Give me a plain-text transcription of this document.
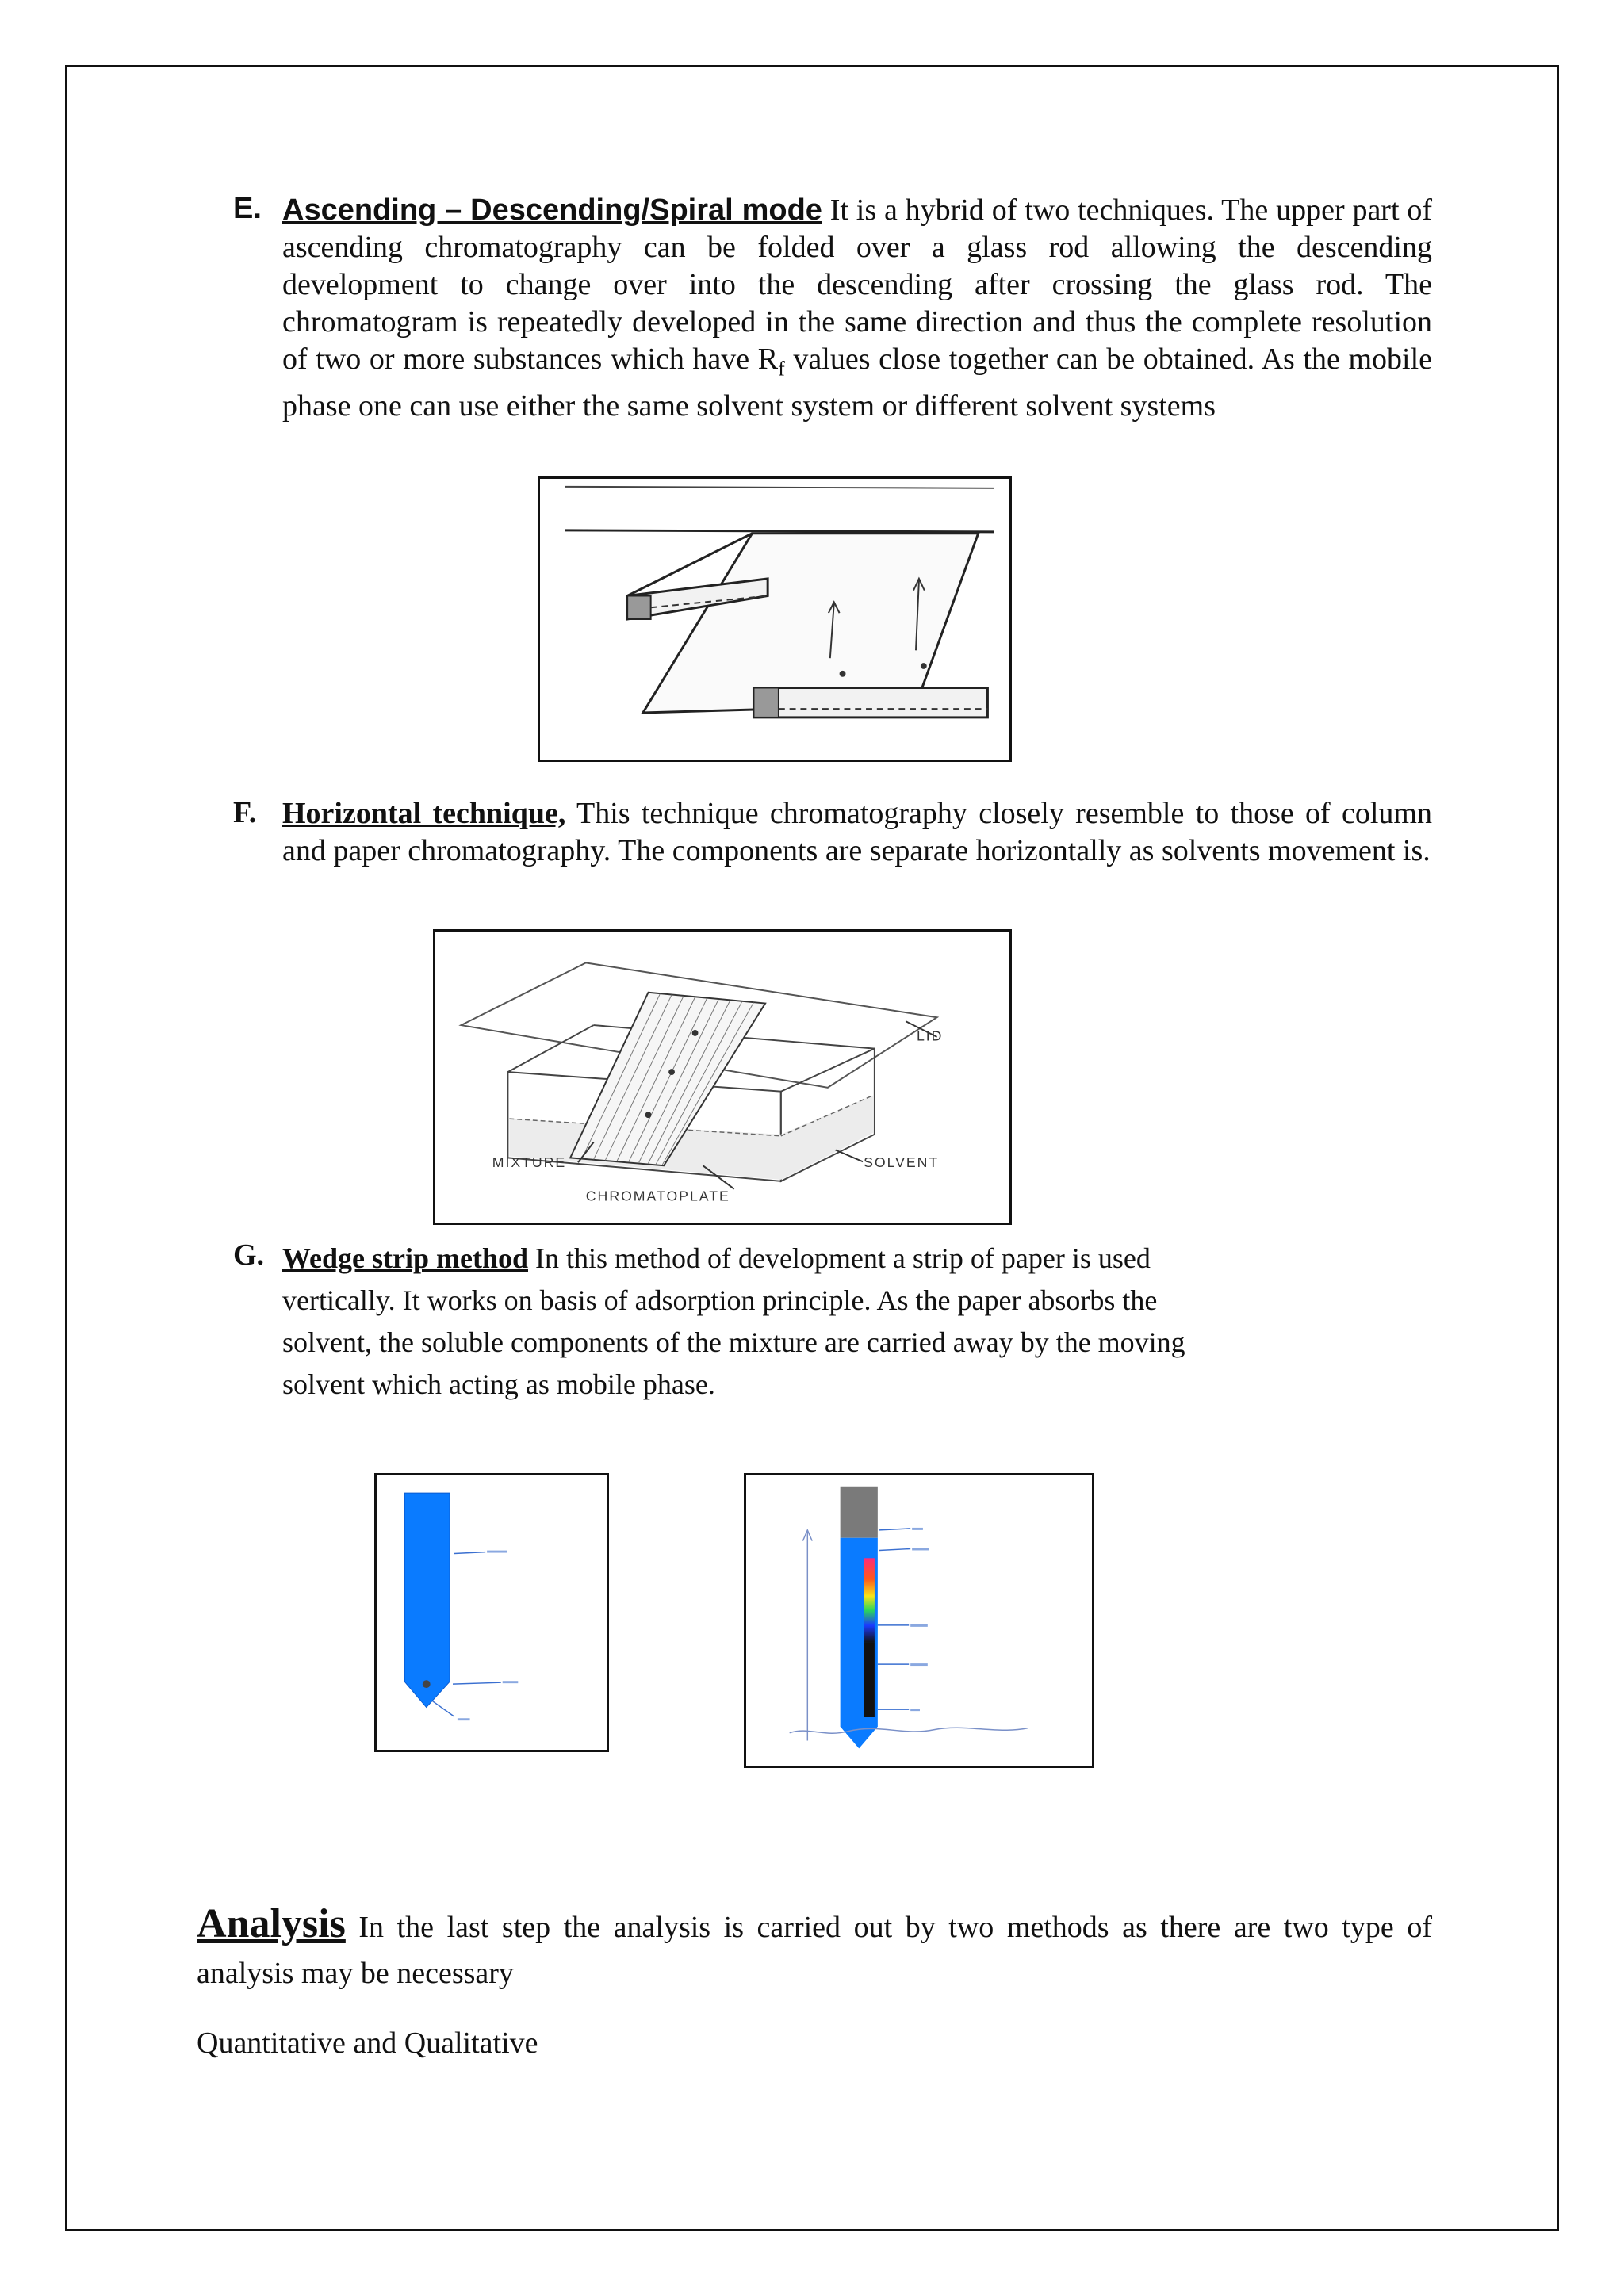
E. Ascending – Descending/Spiral mode It is a hybrid of two techniques. The upper part of ascending chromatography can be folded over a glass rod allowing the descending development to change over into the descending after crossing the glass rod. The chromatogram is repeatedly developed in the same direction and thus the complete resolution of two or more substances which have $R_f$ values close together can be obtained. As the mobile phase one can use either the same solvent system or different solvent systems

F. Horizontal technique, This technique chromatography closely resemble to those of column and paper chromatography. The components are separate horizontally as solvents movement is.

LID
MIXTURE	SOLVENT
CHROMATOPLATE
G. Wedge strip method In this method of development a strip of paper is used vertically. It works on basis of adsorption principle. As the paper absorbs the solvent, the soluble components of the mixture are carried away by the moving solvent which acting as mobile phase.

Analysis In the last step the analysis is carried out by two methods as there are two type of analysis may be necessary

Quantitative and Qualitative
